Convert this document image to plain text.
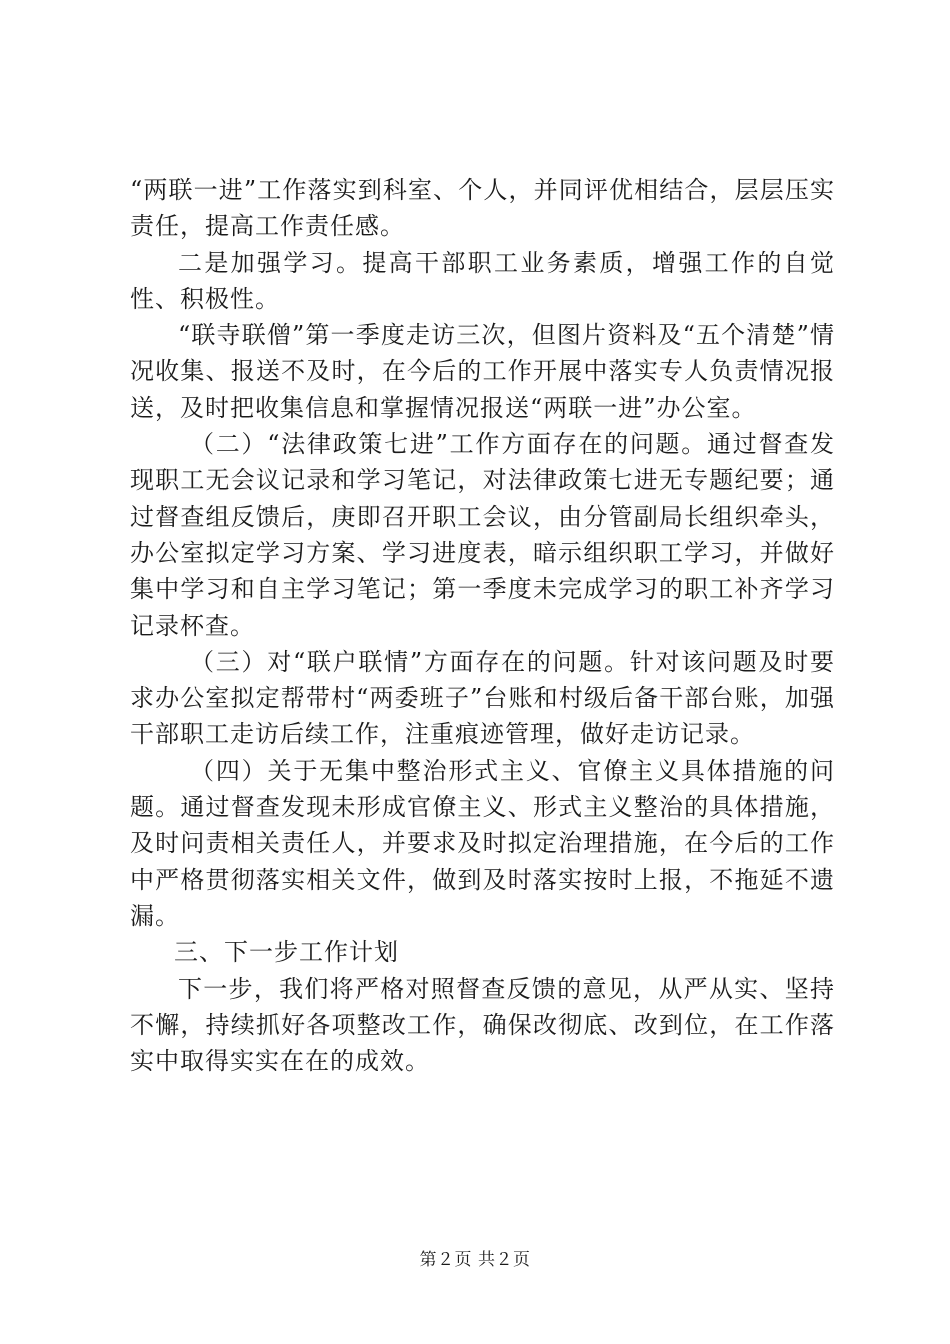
“两联一进”工作落实到科室、个人，并同评优相结合，层层压实责任，提高工作责任感。

二是加强学习。提高干部职工业务素质，增强工作的自觉性、积极性。

“联寺联僧”第一季度走访三次，但图片资料及“五个清楚”情况收集、报送不及时，在今后的工作开展中落实专人负责情况报送，及时把收集信息和掌握情况报送“两联一进”办公室。

（二）“法律政策七进”工作方面存在的问题。通过督查发现职工无会议记录和学习笔记，对法律政策七进无专题纪要；通过督查组反馈后，庚即召开职工会议，由分管副局长组织牵头，办公室拟定学习方案、学习进度表，暗示组织职工学习，并做好集中学习和自主学习笔记；第一季度未完成学习的职工补齐学习记录杯查。

（三）对“联户联情”方面存在的问题。针对该问题及时要求办公室拟定帮带村“两委班子”台账和村级后备干部台账，加强干部职工走访后续工作，注重痕迹管理，做好走访记录。

（四）关于无集中整治形式主义、官僚主义具体措施的问题。通过督查发现未形成官僚主义、形式主义整治的具体措施，及时问责相关责任人，并要求及时拟定治理措施，在今后的工作中严格贯彻落实相关文件，做到及时落实按时上报，不拖延不遗漏。

三、下一步工作计划

下一步，我们将严格对照督查反馈的意见，从严从实、坚持不懈，持续抓好各项整改工作，确保改彻底、改到位，在工作落实中取得实实在在的成效。

第２页 共２页
